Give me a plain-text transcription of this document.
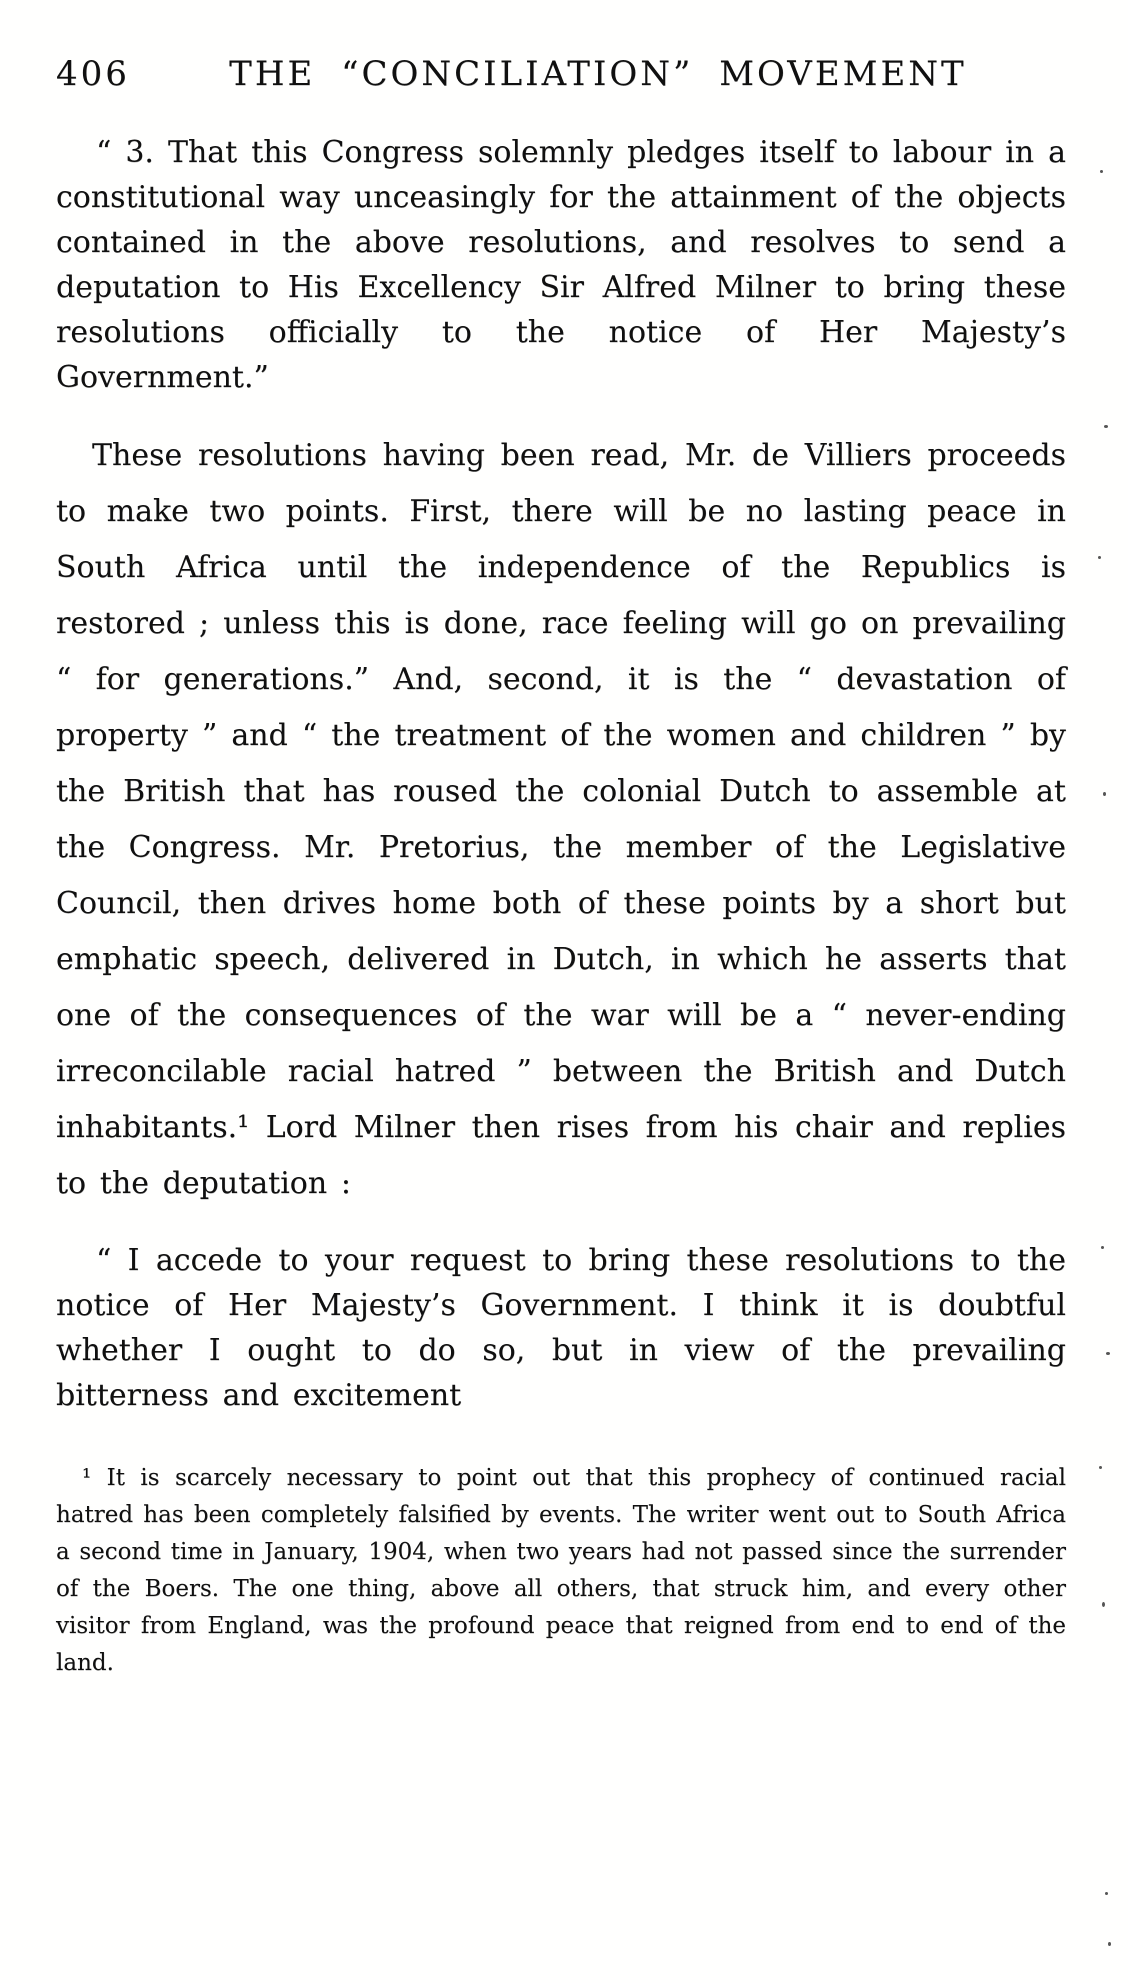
406	THE “CONCILIATION” MOVEMENT

“ 3. That this Congress solemnly pledges itself to labour in a constitutional way unceasingly for the attainment of the objects contained in the above resolutions, and resolves to send a deputation to His Excellency Sir Alfred Milner to bring these resolutions officially to the notice of Her Majesty’s Government.”

These resolutions having been read, Mr. de Villiers proceeds to make two points. First, there will be no lasting peace in South Africa until the independence of the Republics is restored ; unless this is done, race feeling will go on prevailing “ for generations.” And, second, it is the “ devastation of property ” and “ the treatment of the women and children ” by the British that has roused the colonial Dutch to assemble at the Congress. Mr. Pretorius, the member of the Legislative Council, then drives home both of these points by a short but emphatic speech, delivered in Dutch, in which he asserts that one of the consequences of the war will be a “ never-ending irreconcilable racial hatred ” between the British and Dutch inhabitants.¹ Lord Milner then rises from his chair and replies to the deputation :

“ I accede to your request to bring these resolutions to the notice of Her Majesty’s Government. I think it is doubtful whether I ought to do so, but in view of the prevailing bitterness and excitement

¹ It is scarcely necessary to point out that this prophecy of continued racial hatred has been completely falsified by events. The writer went out to South Africa a second time in January, 1904, when two years had not passed since the surrender of the Boers. The one thing, above all others, that struck him, and every other visitor from England, was the profound peace that reigned from end to end of the land.
